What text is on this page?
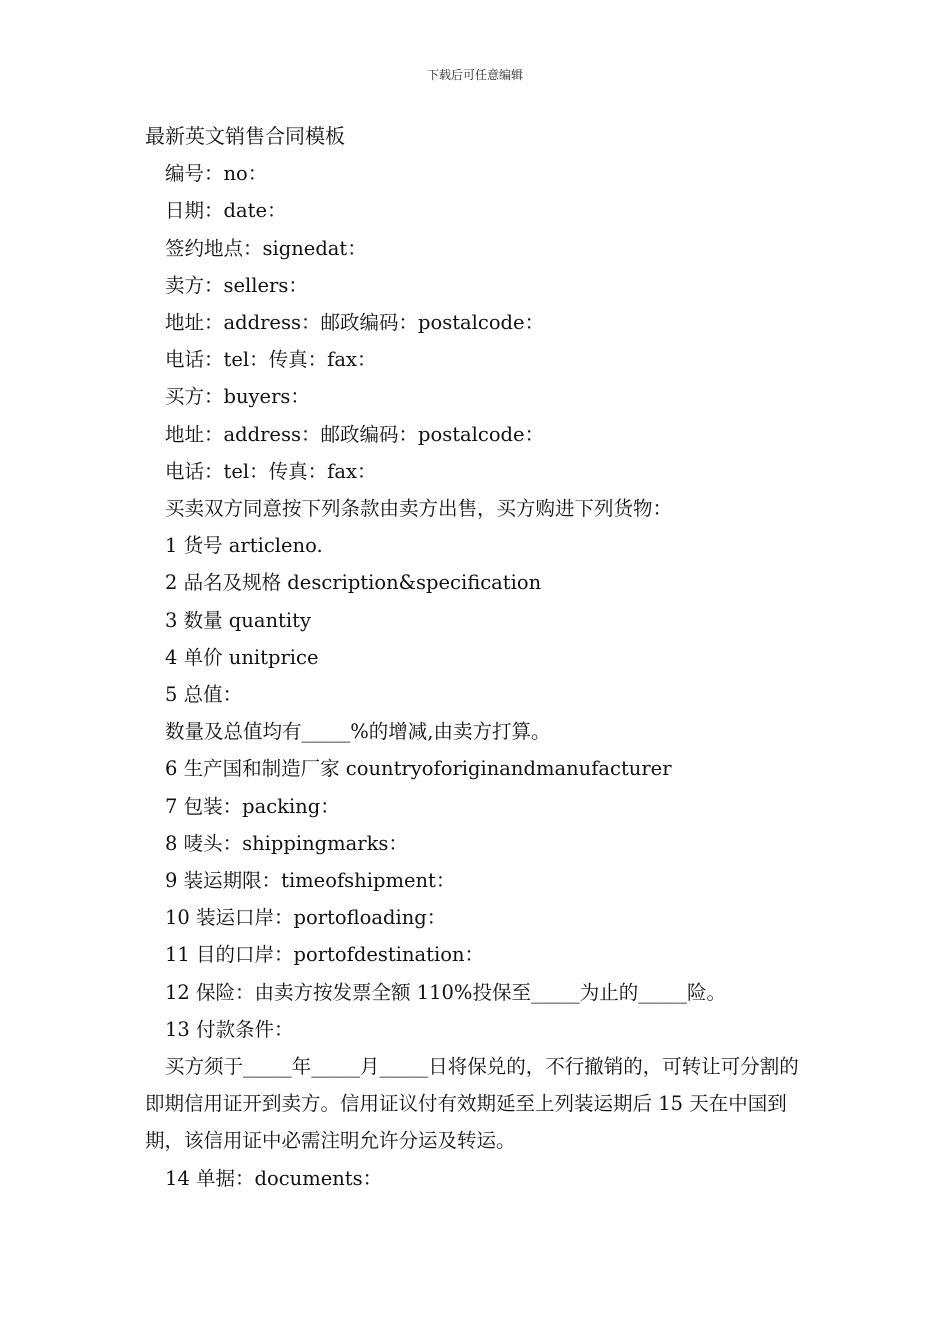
下载后可任意编辑
最新英文销售合同模板
编号：no：
日期：date：
签约地点：signedat：
卖方：sellers：
地址：address：邮政编码：postalcode：
电话：tel：传真：fax：
买方：buyers：
地址：address：邮政编码：postalcode：
电话：tel：传真：fax：
买卖双方同意按下列条款由卖方出售，买方购进下列货物：
1 货号 articleno.
2 品名及规格 description&specification
3 数量 quantity
4 单价 unitprice
5 总值：
数量及总值均有_____%的增减,由卖方打算。
6 生产国和制造厂家 countryoforiginandmanufacturer
7 包装：packing：
8 唛头：shippingmarks：
9 装运期限：timeofshipment：
10 装运口岸：portofloading：
11 目的口岸：portofdestination：
12 保险：由卖方按发票全额 110%投保至_____为止的_____险。
13 付款条件：
买方须于_____年_____月_____日将保兑的，不行撤销的，可转让可分割的即期信用证开到卖方。信用证议付有效期延至上列装运期后 15 天在中国到期，该信用证中必需注明允许分运及转运。
14 单据：documents：
